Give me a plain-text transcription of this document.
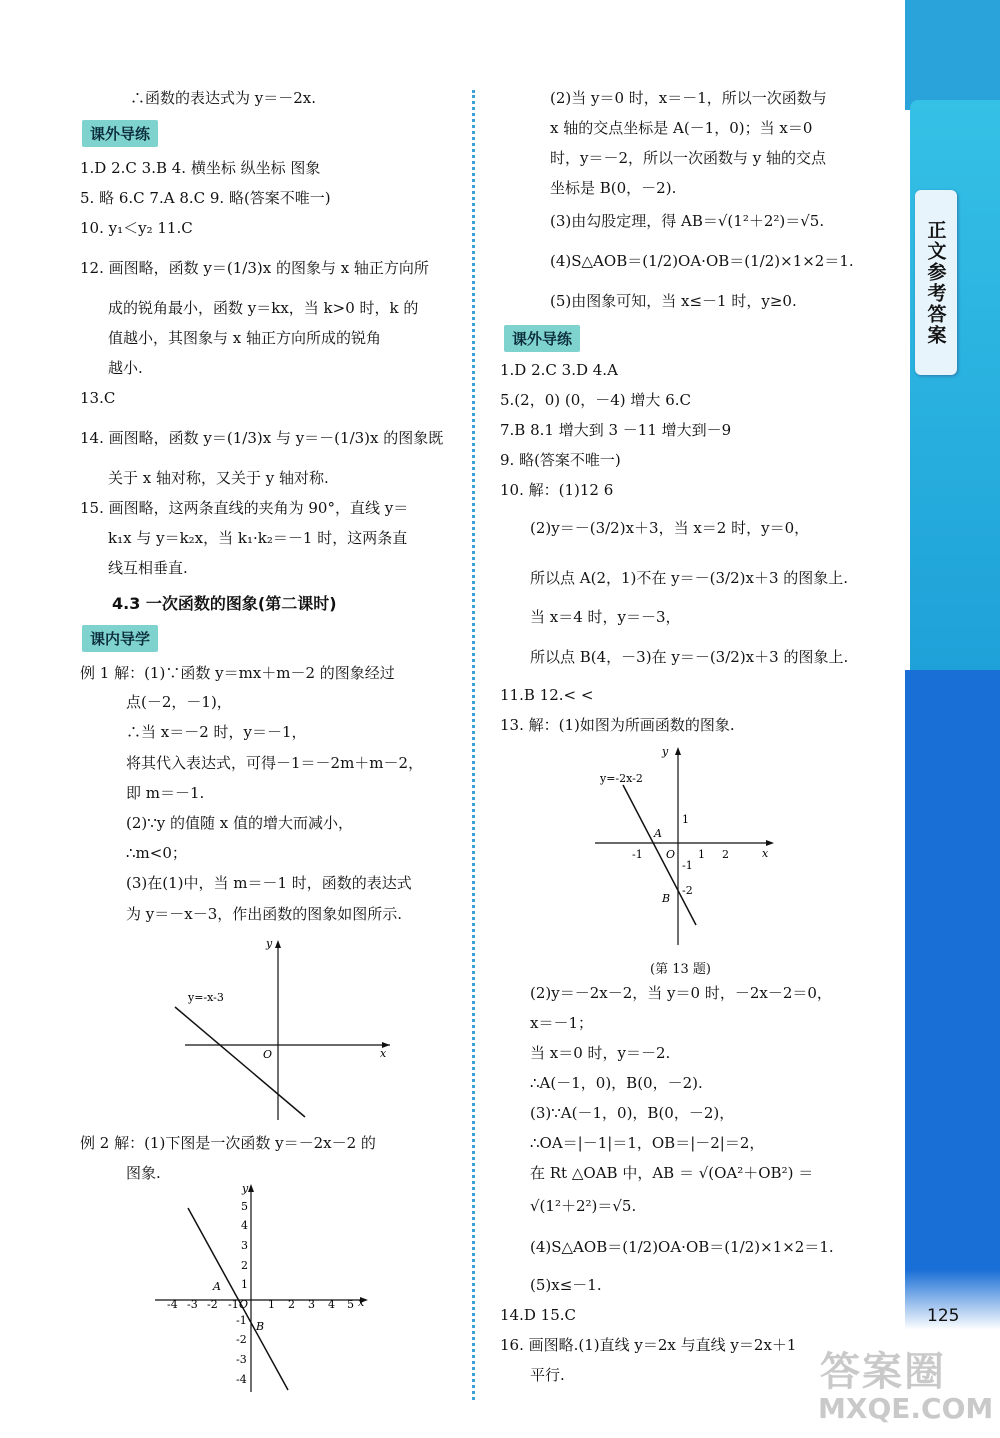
正文参考答案
∴函数的表达式为 y＝－2x.
课外导练
1.D 2.C 3.B 4. 横坐标 纵坐标 图象
5. 略 6.C 7.A 8.C 9. 略(答案不唯一)
10. y₁＜y₂ 11.C
12. 画图略，函数 y＝(1/3)x 的图象与 x 轴正方向所
成的锐角最小，函数 y＝kx，当 k>0 时，k 的
值越小，其图象与 x 轴正方向所成的锐角
越小.
13.C
14. 画图略，函数 y＝(1/3)x 与 y＝－(1/3)x 的图象既
关于 x 轴对称，又关于 y 轴对称.
15. 画图略，这两条直线的夹角为 90°，直线 y＝
k₁x 与 y＝k₂x，当 k₁·k₂＝－1 时，这两条直
线互相垂直.
4.3 一次函数的图象(第二课时)
课内导学
例 1 解：(1)∵函数 y＝mx＋m－2 的图象经过
点(－2，－1)，
∴当 x＝－2 时，y＝－1，
将其代入表达式，可得－1＝－2m＋m－2，
即 m＝－1.
(2)∵y 的值随 x 值的增大而减小，
∴m<0；
(3)在(1)中，当 m＝－1 时，函数的表达式
为 y＝－x－3，作出函数的图象如图所示.
例 2 解：(1)下图是一次函数 y＝－2x－2 的
图象.
y=-x-3
x
y
O
-4 -3 -2 -1	1 2 3 4 5
5
4
3
2
1
-1
-2
-3
-4
x
y
O
A
B
(2)当 y＝0 时，x＝－1，所以一次函数与
x 轴的交点坐标是 A(－1，0)；当 x＝0
时，y＝－2，所以一次函数与 y 轴的交点
坐标是 B(0，－2).
(3)由勾股定理，得 AB＝√(1²＋2²)＝√5.
(4)S△AOB＝(1/2)OA·OB＝(1/2)×1×2＝1.
(5)由图象可知，当 x≤－1 时，y≥0.
课外导练
1.D 2.C 3.D 4.A
5.(2，0) (0，－4) 增大 6.C
7.B 8.1 增大到 3 －11 增大到－9
9. 略(答案不唯一)
10. 解：(1)12 6
(2)y＝－(3/2)x＋3，当 x＝2 时，y＝0，
所以点 A(2，1)不在 y＝－(3/2)x＋3 的图象上.
当 x＝4 时，y＝－3，
所以点 B(4，－3)在 y＝－(3/2)x＋3 的图象上.
11.B 12.< <
13. 解：(1)如图为所画函数的图象.
(第 13 题)
(2)y＝－2x－2，当 y＝0 时，－2x－2＝0，
x＝－1；
当 x＝0 时，y＝－2.
∴A(－1，0)，B(0，－2).
(3)∵A(－1，0)，B(0，－2)，
∴OA＝|－1|＝1，OB＝|－2|＝2，
在 Rt △OAB 中，AB ＝ √(OA²＋OB²) ＝
√(1²＋2²)＝√5.
(4)S△AOB＝(1/2)OA·OB＝(1/2)×1×2＝1.
(5)x≤－1.
14.D 15.C
16. 画图略.(1)直线 y＝2x 与直线 y＝2x＋1
平行.
y=-2x-2
-1	1 2
1
-1
-2
x
y
O
A
B
125
答案圈
MXQE.COM
